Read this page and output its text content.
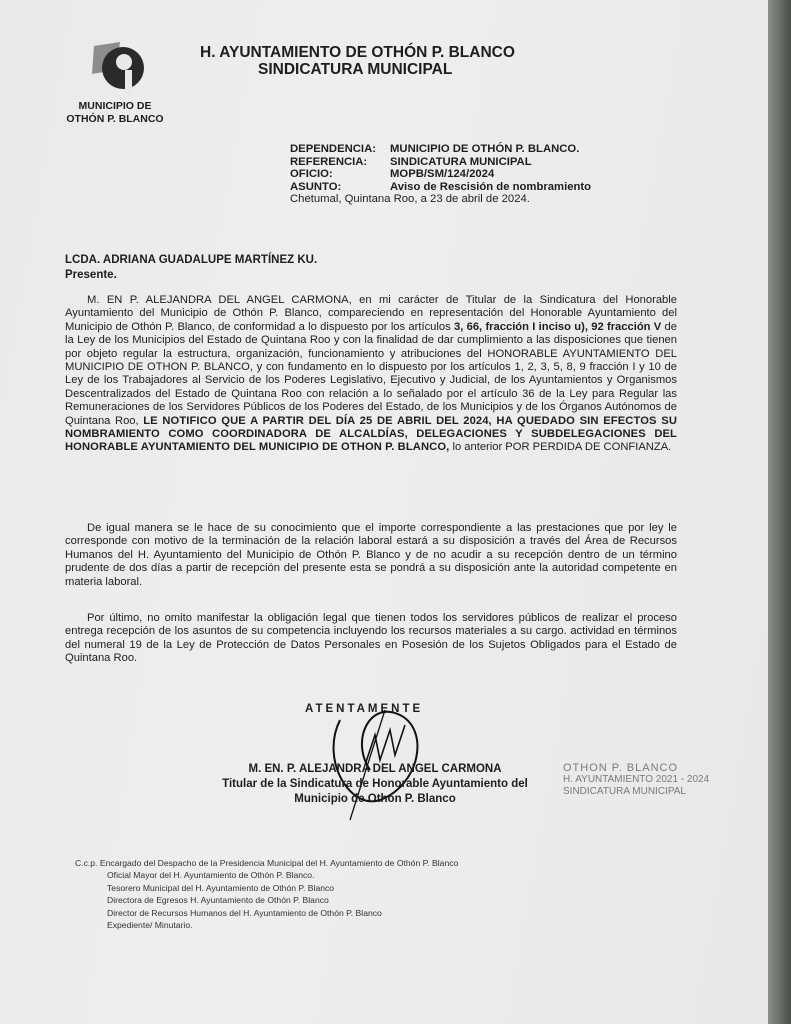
MUNICIPIO DE OTHÓN P. BLANCO
H. AYUNTAMIENTO DE OTHÓN P. BLANCO
SINDICATURA MUNICIPAL
DEPENDENCIA:	MUNICIPIO DE OTHÓN P. BLANCO.
REFERENCIA:	SINDICATURA MUNICIPAL
OFICIO:	MOPB/SM/124/2024
ASUNTO:	Aviso de Rescisión de nombramiento
Chetumal, Quintana Roo, a 23 de abril de 2024.
LCDA. ADRIANA GUADALUPE MARTÍNEZ KU.
Presente.
M. EN P. ALEJANDRA DEL ANGEL CARMONA, en mi carácter de Titular de la Sindicatura del Honorable Ayuntamiento del Municipio de Othón P. Blanco, compareciendo en representación del Honorable Ayuntamiento del Municipio de Othón P. Blanco, de conformidad a lo dispuesto por los artículos 3, 66, fracción I inciso u), 92 fracción V de la Ley de los Municipios del Estado de Quintana Roo y con la finalidad de dar cumplimiento a las disposiciones que tienen por objeto regular la estructura, organización, funcionamiento y atribuciones del HONORABLE AYUNTAMIENTO DEL MUNICIPIO DE OTHON P. BLANCO, y con fundamento en lo dispuesto por los artículos 1, 2, 3, 5, 8, 9 fracción I y 10 de Ley de los Trabajadores al Servicio de los Poderes Legislativo, Ejecutivo y Judicial, de los Ayuntamientos y Organismos Descentralizados del Estado de Quintana Roo con relación a lo señalado por el artículo 36 de la Ley para Regular las Remuneraciones de los Servidores Públicos de los Poderes del Estado, de los Municipios y de los Órganos Autónomos de Quintana Roo, LE NOTIFICO QUE A PARTIR DEL DÍA 25 DE ABRIL DEL 2024, HA QUEDADO SIN EFECTOS SU NOMBRAMIENTO COMO COORDINADORA DE ALCALDÍAS, DELEGACIONES Y SUBDELEGACIONES DEL HONORABLE AYUNTAMIENTO DEL MUNICIPIO DE OTHON P. BLANCO, lo anterior POR PERDIDA DE CONFIANZA.
De igual manera se le hace de su conocimiento que el importe correspondiente a las prestaciones que por ley le corresponde con motivo de la terminación de la relación laboral estará a su disposición a través del Área de Recursos Humanos del H. Ayuntamiento del Municipio de Othón P. Blanco y de no acudir a su recepción dentro de un término prudente de dos días a partir de recepción del presente esta se pondrá a su disposición ante la autoridad competente en materia laboral.
Por último, no omito manifestar la obligación legal que tienen todos los servidores públicos de realizar el proceso entrega recepción de los asuntos de su competencia incluyendo los recursos materiales a su cargo. actividad en términos del numeral 19 de la Ley de Protección de Datos Personales en Posesión de los Sujetos Obligados para el Estado de Quintana Roo.
ATENTAMENTE
M. EN. P. ALEJANDRA DEL ANGEL CARMONA
Titular de la Sindicatura de Honorable Ayuntamiento del
Municipio de Othón P. Blanco
OTHON P. BLANCO
H. AYUNTAMIENTO 2021 - 2024
SINDICATURA MUNICIPAL
C.c.p. Encargado del Despacho de la Presidencia Municipal del H. Ayuntamiento de Othón P. Blanco
Oficial Mayor del H. Ayuntamiento de Othón P. Blanco.
Tesorero Municipal del H. Ayuntamiento de Othón P. Blanco
Directora de Egresos H. Ayuntamiento de Othón P. Blanco
Director de Recursos Humanos del H. Ayuntamiento de Othón P. Blanco
Expediente/ Minutario.
